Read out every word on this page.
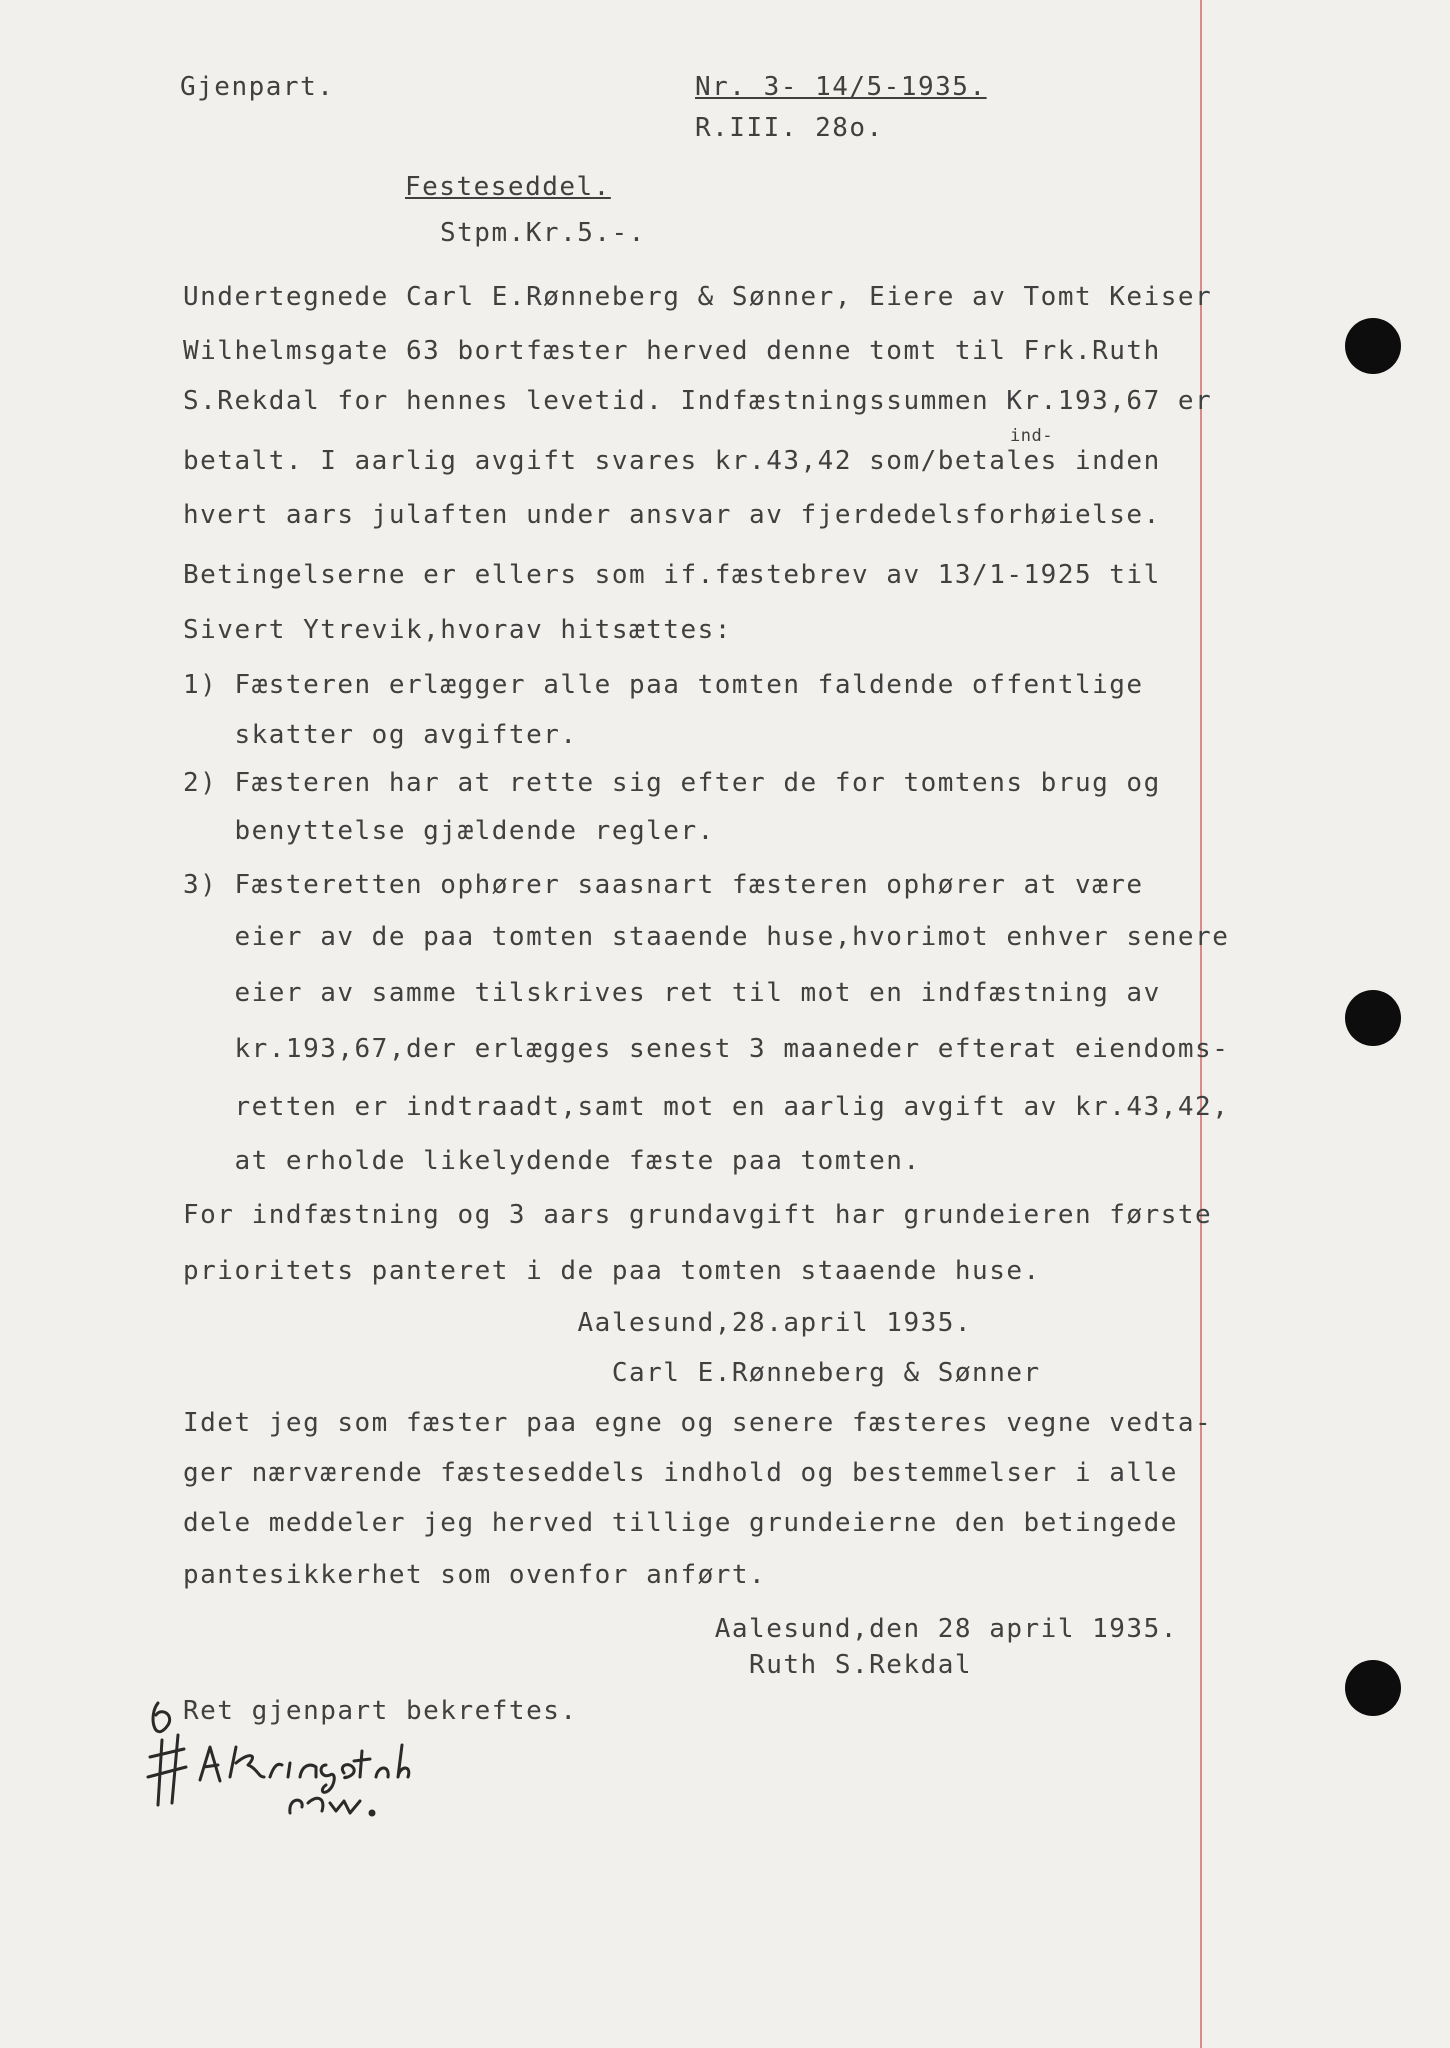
Gjenpart.	Nr. 3- 14/5-1935.
R.III. 28o.
Festeseddel.
Stpm.Kr.5.-.
ind-
Undertegnede Carl E.Rønneberg & Sønner, Eiere av Tomt Keiser
Wilhelmsgate 63 bortfæster herved denne tomt til Frk.Ruth
S.Rekdal for hennes levetid. Indfæstningssummen Kr.193,67 er
betalt. I aarlig avgift svares kr.43,42 som/betales inden
hvert aars julaften under ansvar av fjerdedelsforhøielse.
Betingelserne er ellers som if.fæstebrev av 13/1-1925 til
Sivert Ytrevik,hvorav hitsættes:
1) Fæsteren erlægger alle paa tomten faldende offentlige
skatter og avgifter.
2) Fæsteren har at rette sig efter de for tomtens brug og
benyttelse gjældende regler.
3) Fæsteretten ophører saasnart fæsteren ophører at være
eier av de paa tomten staaende huse,hvorimot enhver senere
eier av samme tilskrives ret til mot en indfæstning av
kr.193,67,der erlægges senest 3 maaneder efterat eiendoms-
retten er indtraadt,samt mot en aarlig avgift av kr.43,42,
at erholde likelydende fæste paa tomten.
For indfæstning og 3 aars grundavgift har grundeieren første
prioritets panteret i de paa tomten staaende huse.
Aalesund,28.april 1935.
Carl E.Rønneberg & Sønner
Idet jeg som fæster paa egne og senere fæsteres vegne vedta-
ger nærværende fæsteseddels indhold og bestemmelser i alle
dele meddeler jeg herved tillige grundeierne den betingede
pantesikkerhet som ovenfor anført.
Aalesund,den 28 april 1935.
Ruth S.Rekdal
Ret gjenpart bekreftes.
